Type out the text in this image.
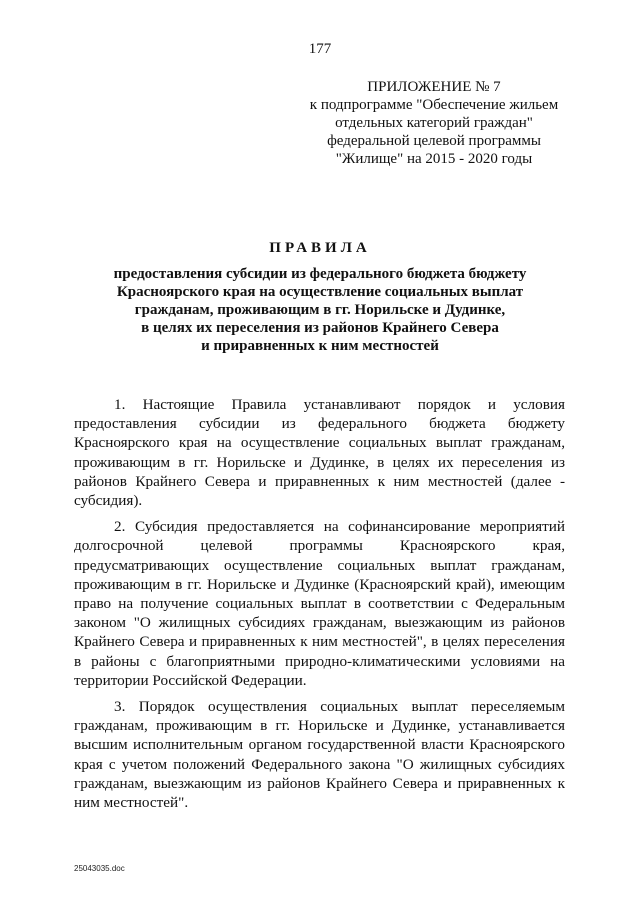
177
ПРИЛОЖЕНИЕ № 7
к подпрограмме "Обеспечение жильем
отдельных категорий граждан"
федеральной целевой программы
"Жилище" на 2015 - 2020 годы
ПРАВИЛА
предоставления субсидии из федерального бюджета бюджету
Красноярского края на осуществление социальных выплат
гражданам, проживающим в гг. Норильске и Дудинке,
в целях их переселения из районов Крайнего Севера
и приравненных к ним местностей

1. Настоящие Правила устанавливают порядок и условия предоставления субсидии из федерального бюджета бюджету Красноярского края на осуществление социальных выплат гражданам, проживающим в гг. Норильске и Дудинке, в целях их переселения из районов Крайнего Севера и приравненных к ним местностей (далее - субсидия).

2. Субсидия предоставляется на софинансирование мероприятий долгосрочной целевой программы Красноярского края, предусматривающих осуществление социальных выплат гражданам, проживающим в гг. Норильске и Дудинке (Красноярский край), имеющим право на получение социальных выплат в соответствии с Федеральным законом "О жилищных субсидиях гражданам, выезжающим из районов Крайнего Севера и приравненных к ним местностей", в целях переселения в районы с благоприятными природно-климатическими условиями на территории Российской Федерации.

3. Порядок осуществления социальных выплат переселяемым гражданам, проживающим в гг. Норильске и Дудинке, устанавливается высшим исполнительным органом государственной власти Красноярского края с учетом положений Федерального закона "О жилищных субсидиях гражданам, выезжающим из районов Крайнего Севера и приравненных к ним местностей".

25043035.doc
